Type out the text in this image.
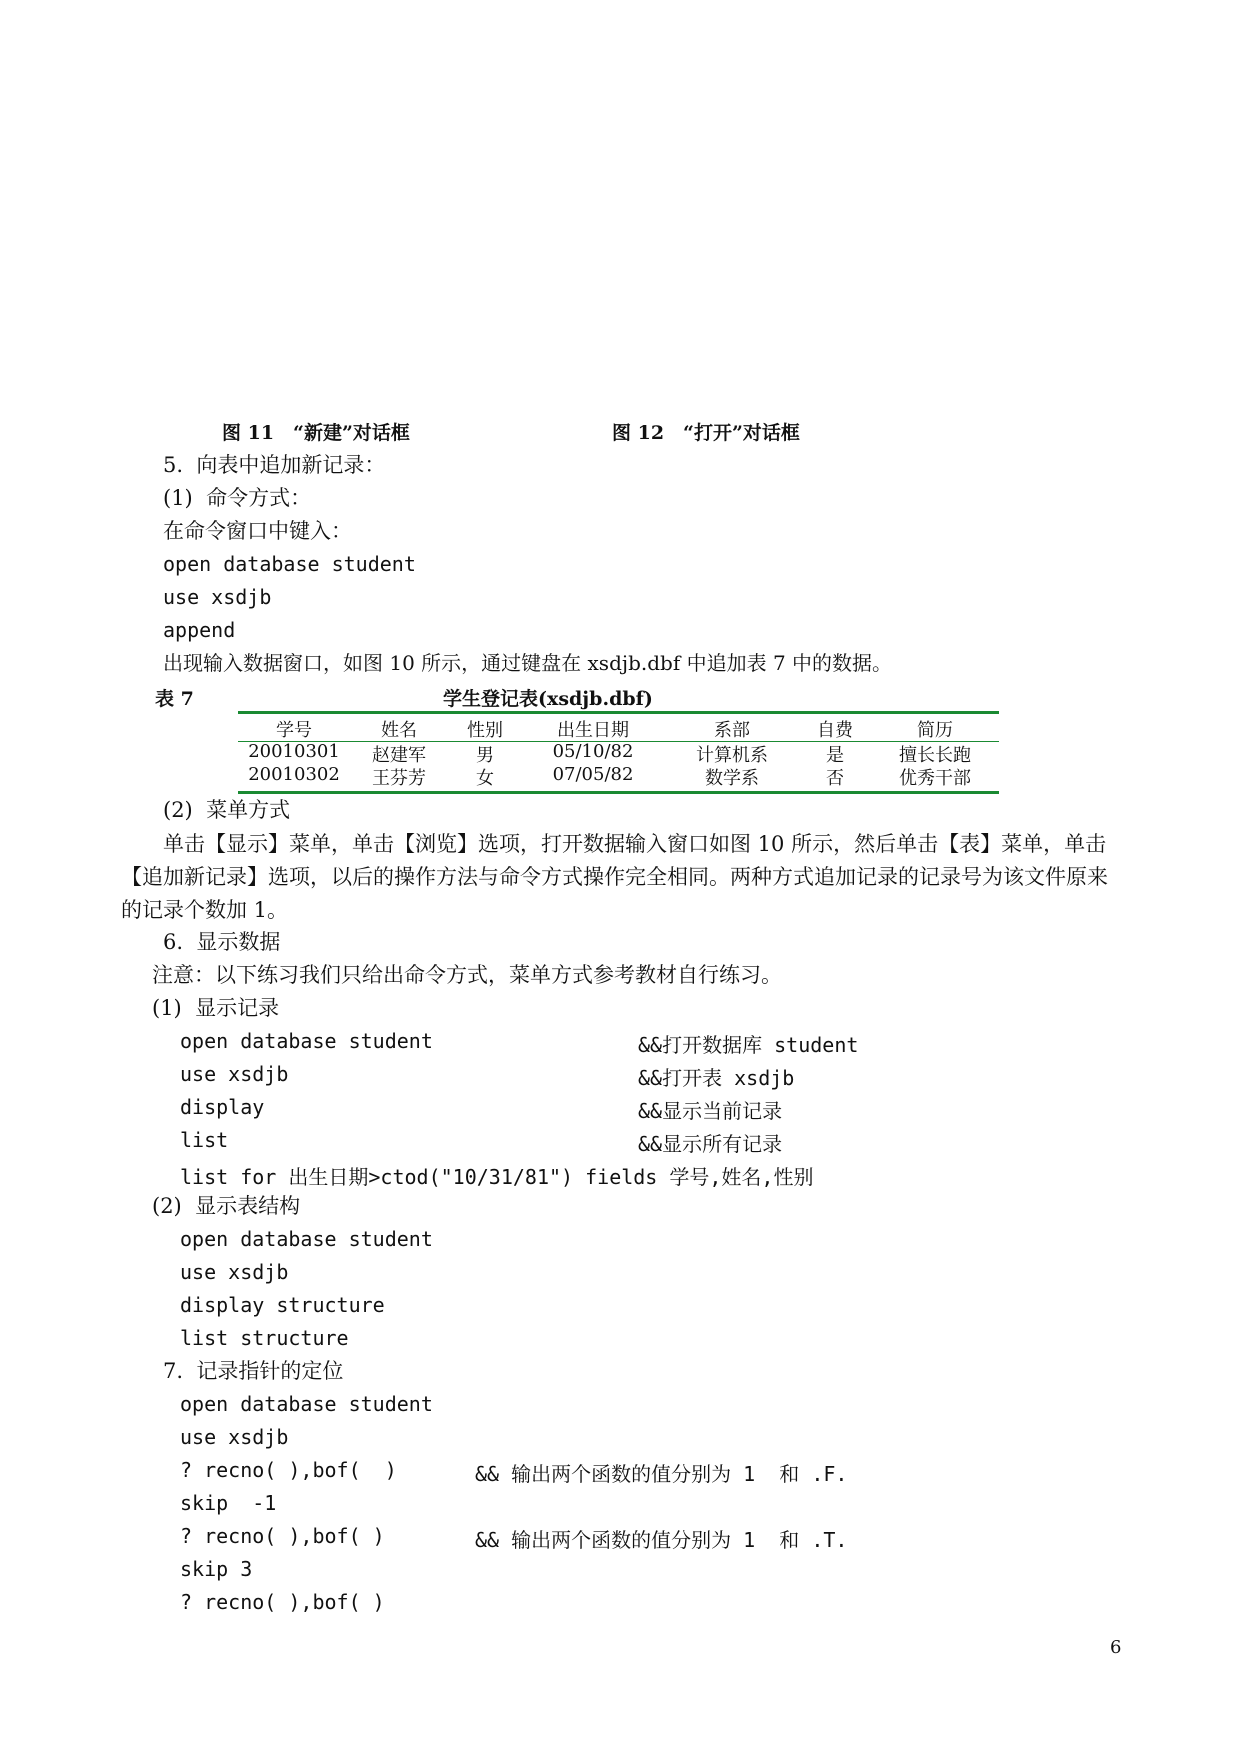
图 11　“新建”对话框	图 12　“打开”对话框
5.  向表中追加新记录：
(1)  命令方式：
在命令窗口中键入：
open database student
use xsdjb
append
出现输入数据窗口，如图 10 所示，通过键盘在 xsdjb.dbf 中追加表 7 中的数据。
表 7	学生登记表(xsdjb.dbf)
学号	姓名	性别	出生日期	系部	自费	简历
20010301	赵建军	男	05/10/82	计算机系	是	擅长长跑
20010302	王芬芳	女	07/05/82	数学系	否	优秀干部
(2)  菜单方式
单击【显示】菜单，单击【浏览】选项，打开数据输入窗口如图 10 所示，然后单击【表】菜单，单击【追加新记录】选项，以后的操作方法与命令方式操作完全相同。两种方式追加记录的记录号为该文件原来的记录个数加 1。
6.  显示数据
注意：以下练习我们只给出命令方式，菜单方式参考教材自行练习。
(1)  显示记录
open database student	&&打开数据库 student
use xsdjb	&&打开表 xsdjb
display	&&显示当前记录
list	&&显示所有记录
list for 出生日期>ctod("10/31/81") fields 学号,姓名,性别
(2)  显示表结构
open database student
use xsdjb
display structure
list structure
7.  记录指针的定位
open database student
use xsdjb
? recno( ),bof(  )	&& 输出两个函数的值分别为 1  和 .F.
skip  -1
? recno( ),bof( )	&& 输出两个函数的值分别为 1  和 .T.
skip 3
? recno( ),bof( )
6
